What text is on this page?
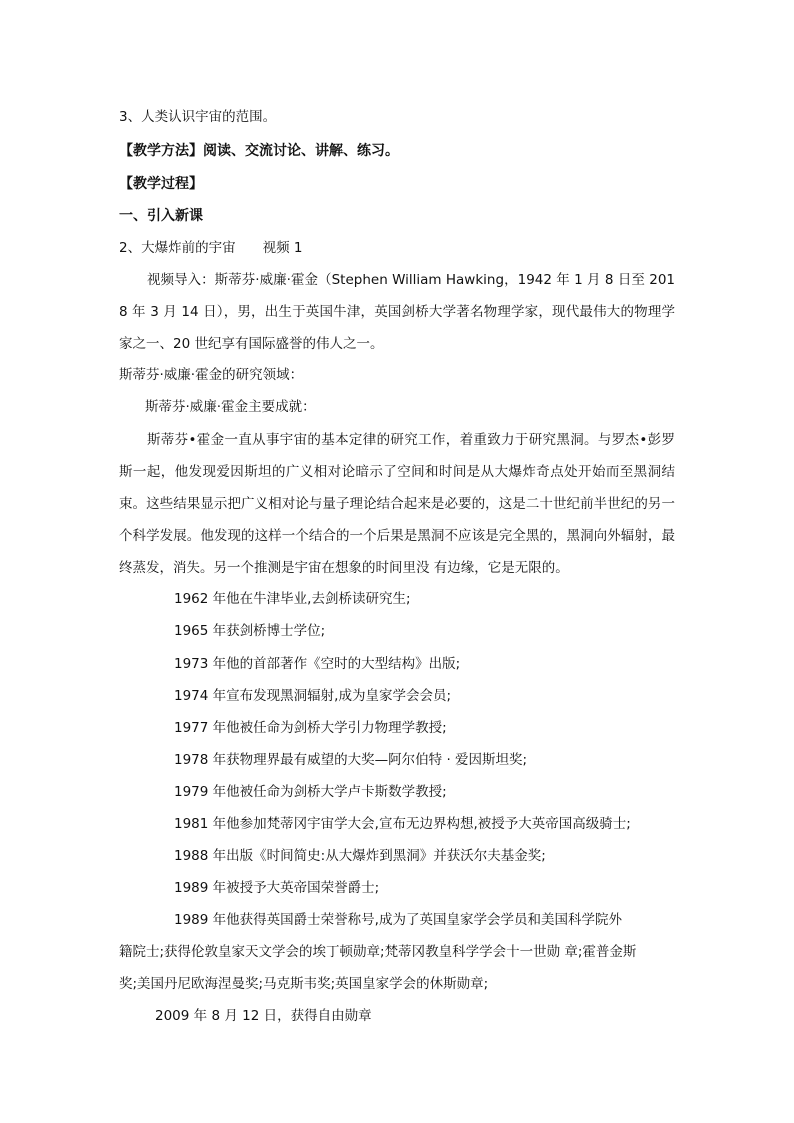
3、人类认识宇宙的范围。
【教学方法】阅读、交流讨论、讲解、练习。
【教学过程】
一、引入新课
2、大爆炸前的宇宙　　视频 1
视频导入：斯蒂芬·威廉·霍金（Stephen William Hawking，1942 年 1 月 8 日至 2018 年 3 月 14 日），男，出生于英国牛津，英国剑桥大学著名物理学家，现代最伟大的物理学家之一、20 世纪享有国际盛誉的伟人之一。
斯蒂芬·威廉·霍金的研究领域：
斯蒂芬·威廉·霍金主要成就：
斯蒂芬•霍金一直从事宇宙的基本定律的研究工作，着重致力于研究黑洞。与罗杰•彭罗斯一起，他发现爱因斯坦的广义相对论暗示了空间和时间是从大爆炸奇点处开始而至黑洞结 束。这些结果显示把广义相对论与量子理论结合起来是必要的，这是二十世纪前半世纪的另一个科学发展。他发现的这样一个结合的一个后果是黑洞不应该是完全黑的，黑洞向外辐射，最终蒸发，消失。另一个推测是宇宙在想象的时间里没 有边缘，它是无限的。
1962 年他在牛津毕业,去剑桥读研究生;
1965 年获剑桥博士学位;
1973 年他的首部著作《空时的大型结构》出版;
1974 年宣布发现黑洞辐射,成为皇家学会会员;
1977 年他被任命为剑桥大学引力物理学教授;
1978 年获物理界最有威望的大奖—阿尔伯特 · 爱因斯坦奖;
1979 年他被任命为剑桥大学卢卡斯数学教授;
1981 年他参加梵蒂冈宇宙学大会,宣布无边界构想,被授予大英帝国高级骑士;
1988 年出版《时间简史:从大爆炸到黑洞》并获沃尔夫基金奖;
1989 年被授予大英帝国荣誉爵士;
1989 年他获得英国爵士荣誉称号,成为了英国皇家学会学员和美国科学院外
籍院士;获得伦敦皇家天文学会的埃丁顿勋章;梵蒂冈教皇科学学会十一世勋 章;霍普金斯
奖;美国丹尼欧海涅曼奖;马克斯韦奖;英国皇家学会的休斯勋章;
2009 年 8 月 12 日，获得自由勋章
